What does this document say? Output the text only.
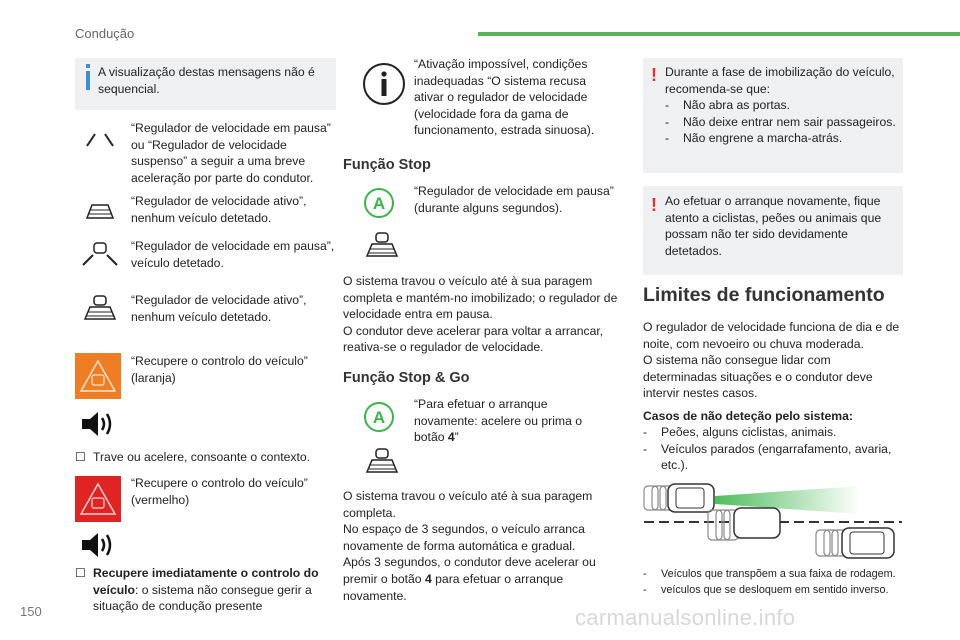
Condução
A visualização destas mensagens não é sequencial.
“Regulador de velocidade em pausa” ou “Regulador de velocidade suspenso” a seguir a uma breve aceleração por parte do condutor.
“Regulador de velocidade ativo”, nenhum veículo detetado.
“Regulador de velocidade em pausa”, veículo detetado.
“Regulador de velocidade ativo”, nenhum veículo detetado.
“Recupere o controlo do veículo” (laranja)
☐ Trave ou acelere, consoante o contexto.
“Recupere o controlo do veículo” (vermelho)
☐ Recupere imediatamente o controlo do veículo: o sistema não consegue gerir a situação de condução presente
“Ativação impossível, condições inadequadas “O sistema recusa ativar o regulador de velocidade (velocidade fora da gama de funcionamento, estrada sinuosa).
Função Stop
A
“Regulador de velocidade em pausa” (durante alguns segundos).
O sistema travou o veículo até à sua paragem completa e mantém-no imobilizado; o regulador de velocidade entra em pausa.
O condutor deve acelerar para voltar a arrancar, reativa-se o regulador de velocidade.
Função Stop & Go
A
“Para efetuar o arranque novamente: acelere ou prima o botão 4”
O sistema travou o veículo até à sua paragem completa.
No espaço de 3 segundos, o veículo arranca novamente de forma automática e gradual.
Após 3 segundos, o condutor deve acelerar ou premir o botão 4 para efetuar o arranque novamente.
! Durante a fase de imobilização do veículo, recomenda-se que:
-	Não abra as portas.
-	Não deixe entrar nem sair passageiros.
-	Não engrene a marcha-atrás.
! Ao efetuar o arranque novamente, fique atento a ciclistas, peões ou animais que possam não ter sido devidamente detetados.
Limites de funcionamento
O regulador de velocidade funciona de dia e de noite, com nevoeiro ou chuva moderada.
O sistema não consegue lidar com determinadas situações e o condutor deve intervir nestes casos.
Casos de não deteção pelo sistema:
-	Peões, alguns ciclistas, animais.
-	Veículos parados (engarrafamento, avaria, etc.).
-	Veículos que transpõem a sua faixa de rodagem.
-	veículos que se desloquem em sentido inverso.
150	carmanualsonline.info
